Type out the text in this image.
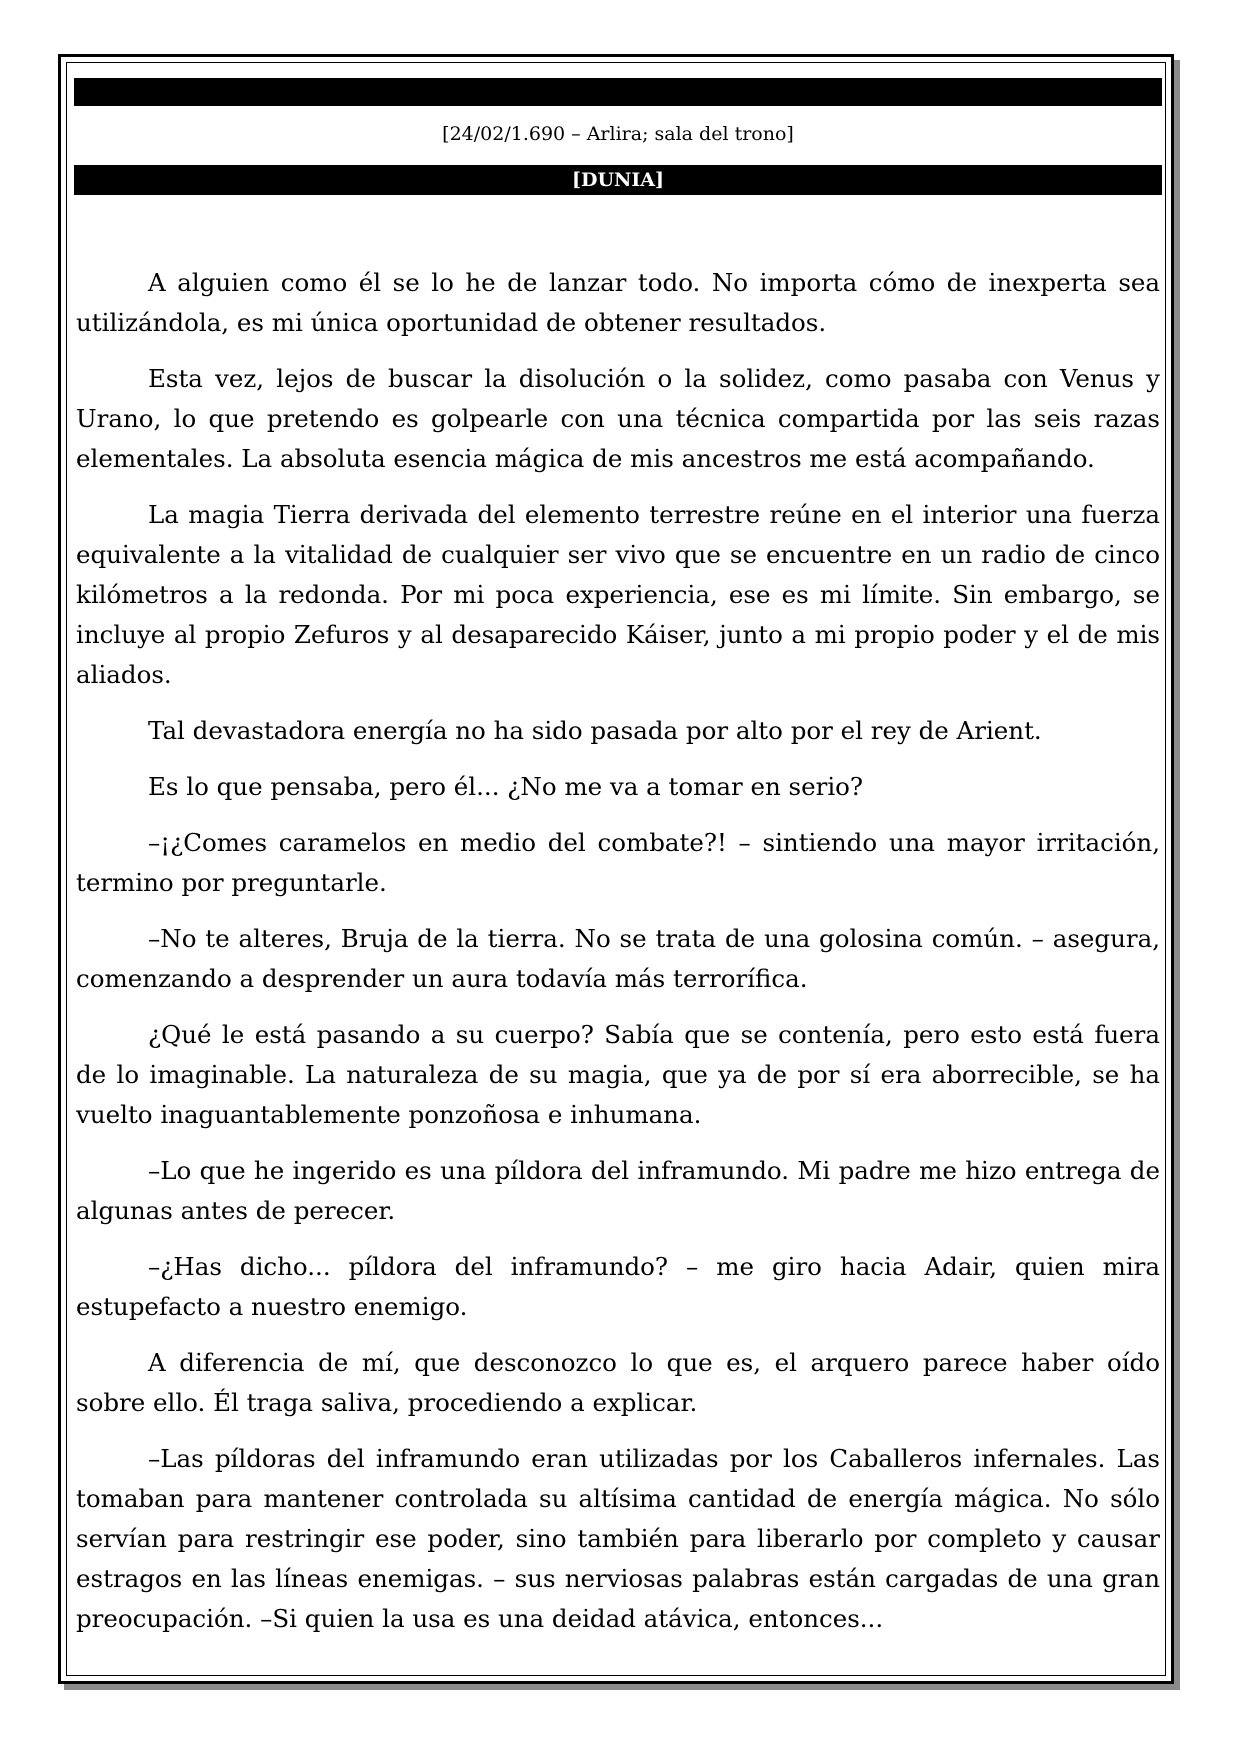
[24/02/1.690 – Arlira; sala del trono]
[DUNIA]

A alguien como él se lo he de lanzar todo. No importa cómo de inexperta sea utilizándola, es mi única oportunidad de obtener resultados.

Esta vez, lejos de buscar la disolución o la solidez, como pasaba con Venus y Urano, lo que pretendo es golpearle con una técnica compartida por las seis razas elementales. La absoluta esencia mágica de mis ancestros me está acompañando.

La magia Tierra derivada del elemento terrestre reúne en el interior una fuerza equivalente a la vitalidad de cualquier ser vivo que se encuentre en un radio de cinco kilómetros a la redonda. Por mi poca experiencia, ese es mi límite. Sin embargo, se incluye al propio Zefuros y al desaparecido Káiser, junto a mi propio poder y el de mis aliados.

Tal devastadora energía no ha sido pasada por alto por el rey de Arient.

Es lo que pensaba, pero él... ¿No me va a tomar en serio?

–¡¿Comes caramelos en medio del combate?! – sintiendo una mayor irritación, termino por preguntarle.

–No te alteres, Bruja de la tierra. No se trata de una golosina común. – asegura, comenzando a desprender un aura todavía más terrorífica.

¿Qué le está pasando a su cuerpo? Sabía que se contenía, pero esto está fuera de lo imaginable. La naturaleza de su magia, que ya de por sí era aborrecible, se ha vuelto inaguantablemente ponzoñosa e inhumana.

–Lo que he ingerido es una píldora del inframundo. Mi padre me hizo entrega de algunas antes de perecer.

–¿Has dicho... píldora del inframundo? – me giro hacia Adair, quien mira estupefacto a nuestro enemigo.

A diferencia de mí, que desconozco lo que es, el arquero parece haber oído sobre ello. Él traga saliva, procediendo a explicar.

–Las píldoras del inframundo eran utilizadas por los Caballeros infernales. Las tomaban para mantener controlada su altísima cantidad de energía mágica. No sólo servían para restringir ese poder, sino también para liberarlo por completo y causar estragos en las líneas enemigas. – sus nerviosas palabras están cargadas de una gran preocupación. –Si quien la usa es una deidad atávica, entonces...
